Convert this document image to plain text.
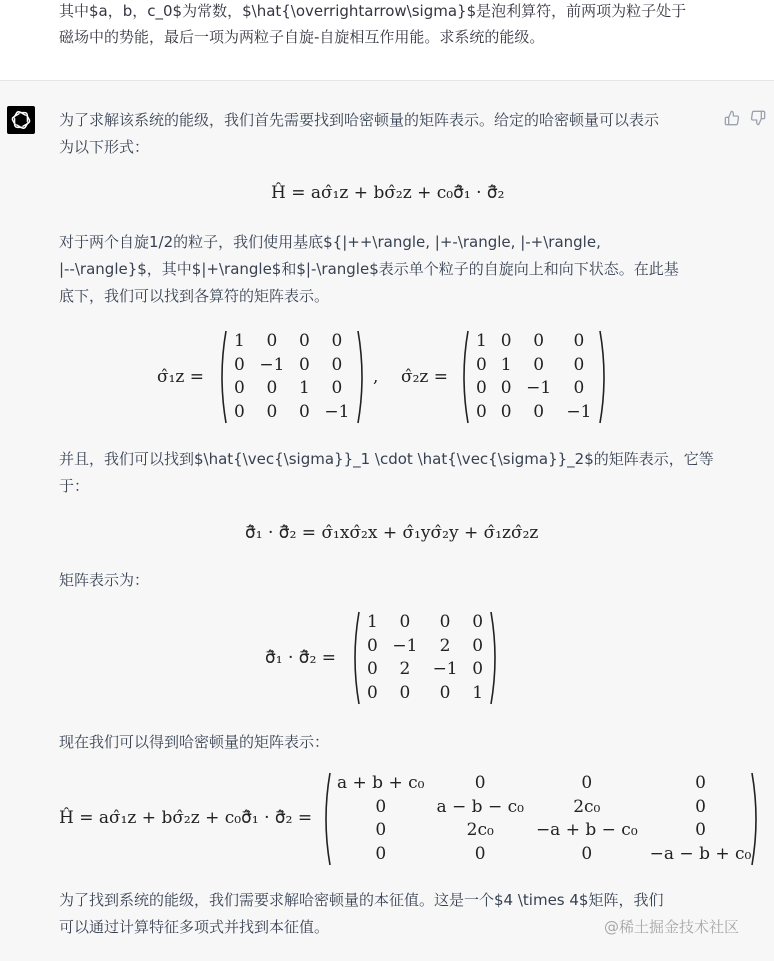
其中$a，b，c_0$为常数，$\hat{\overrightarrow\sigma}$是泡利算符，前两项为粒子处于
磁场中的势能，最后一项为两粒子自旋-自旋相互作用能。求系统的能级。
为了求解该系统的能级，我们首先需要找到哈密顿量的矩阵表示。给定的哈密顿量可以表示
为以下形式：
Ĥ = aσ̂₁z + bσ̂₂z + c₀σ̂⃗₁ · σ̂⃗₂
对于两个自旋1/2的粒子，我们使用基底${|++\rangle, |+-\rangle, |-+\rangle,
|--\rangle}$，其中$|+\rangle$和$|-\rangle$表示单个粒子的自旋向上和向下状态。在此基
底下，我们可以找到各算符的矩阵表示。
σ̂₁z =
1	0	0	0
0	−1	0	0
0	0	1	0
0	0	0	−1
, σ̂₂z =
1	0	0	0
0	1	0	0
0	0	−1	0
0	0	0	−1
并且，我们可以找到$\hat{\vec{\sigma}}_1 \cdot \hat{\vec{\sigma}}_2$的矩阵表示，它等
于：
σ̂⃗₁ · σ̂⃗₂ = σ̂₁xσ̂₂x + σ̂₁yσ̂₂y + σ̂₁zσ̂₂z
矩阵表示为：
σ̂⃗₁ · σ̂⃗₂ =
1	0	0	0
0	−1	2	0
0	2	−1	0
0	0	0	1
现在我们可以得到哈密顿量的矩阵表示：
Ĥ = aσ̂₁z + bσ̂₂z + c₀σ̂⃗₁ · σ̂⃗₂ =
a + b + c₀	0	0	0
0	a − b − c₀	2c₀	0
0	2c₀	−a + b − c₀	0
0	0	0	−a − b + c₀
为了找到系统的能级，我们需要求解哈密顿量的本征值。这是一个$4 \times 4$矩阵，我们
可以通过计算特征多项式并找到本征值。	@稀土掘金技术社区
